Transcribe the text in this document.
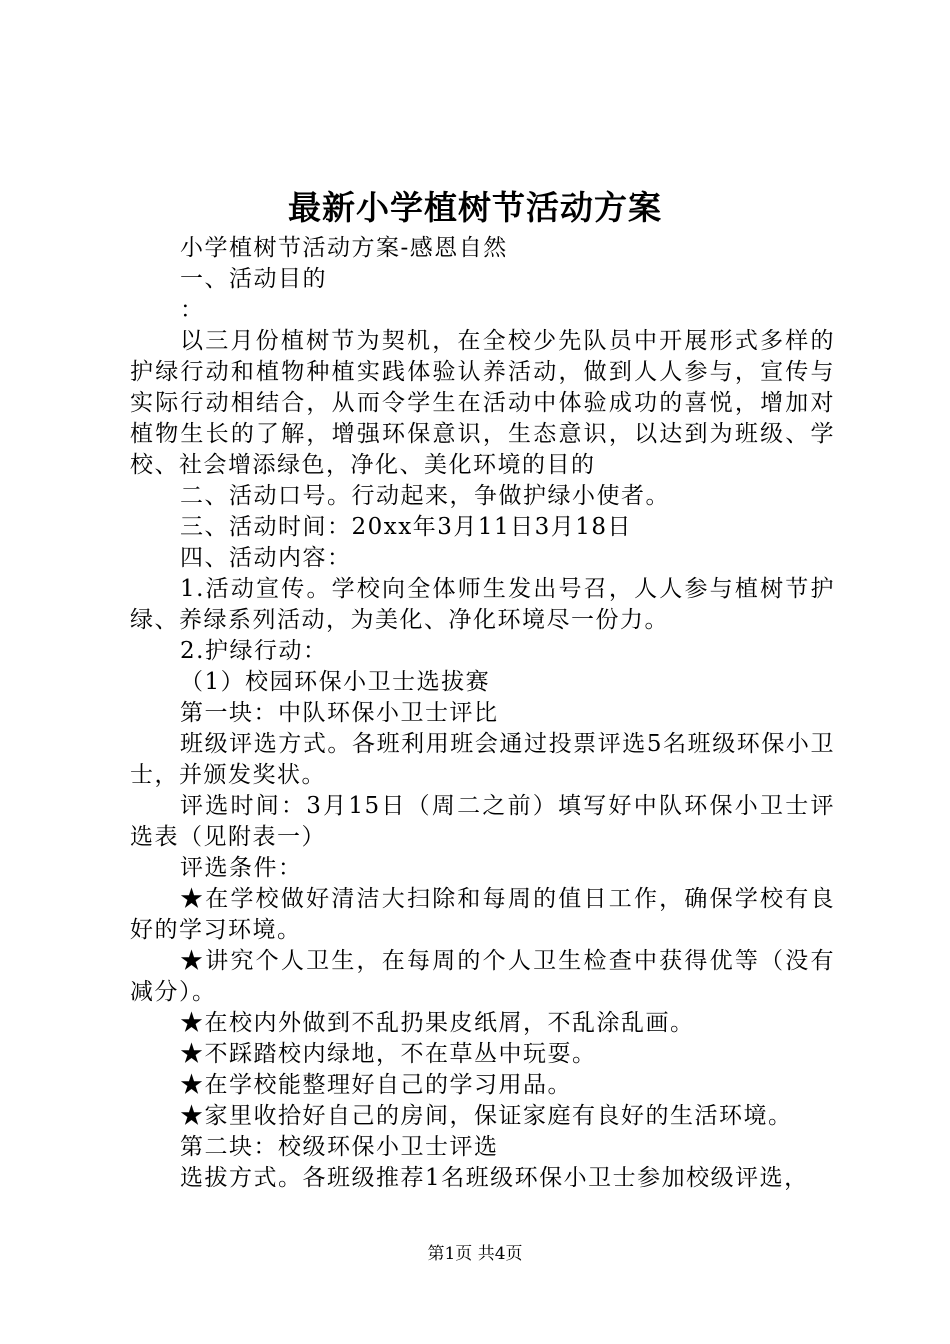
最新小学植树节活动方案

小学植树节活动方案-感恩自然

一、活动目的

：

以三月份植树节为契机，在全校少先队员中开展形式多样的护绿行动和植物种植实践体验认养活动，做到人人参与，宣传与实际行动相结合，从而令学生在活动中体验成功的喜悦，增加对植物生长的了解，增强环保意识，生态意识，以达到为班级、学校、社会增添绿色，净化、美化环境的目的

二、活动口号。行动起来，争做护绿小使者。

三、活动时间：20xx年3月11日3月18日

四、活动内容：

1.活动宣传。学校向全体师生发出号召，人人参与植树节护绿、养绿系列活动，为美化、净化环境尽一份力。

2.护绿行动：

（1）校园环保小卫士选拔赛

第一块：中队环保小卫士评比

班级评选方式。各班利用班会通过投票评选5名班级环保小卫士，并颁发奖状。

评选时间：3月15日（周二之前）填写好中队环保小卫士评选表（见附表一）

评选条件：

★在学校做好清洁大扫除和每周的值日工作，确保学校有良好的学习环境。

★讲究个人卫生，在每周的个人卫生检查中获得优等（没有减分）。

★在校内外做到不乱扔果皮纸屑，不乱涂乱画。

★不踩踏校内绿地，不在草丛中玩耍。

★在学校能整理好自己的学习用品。

★家里收拾好自己的房间，保证家庭有良好的生活环境。

第二块：校级环保小卫士评选

选拔方式。各班级推荐1名班级环保小卫士参加校级评选，

第1页 共4页
